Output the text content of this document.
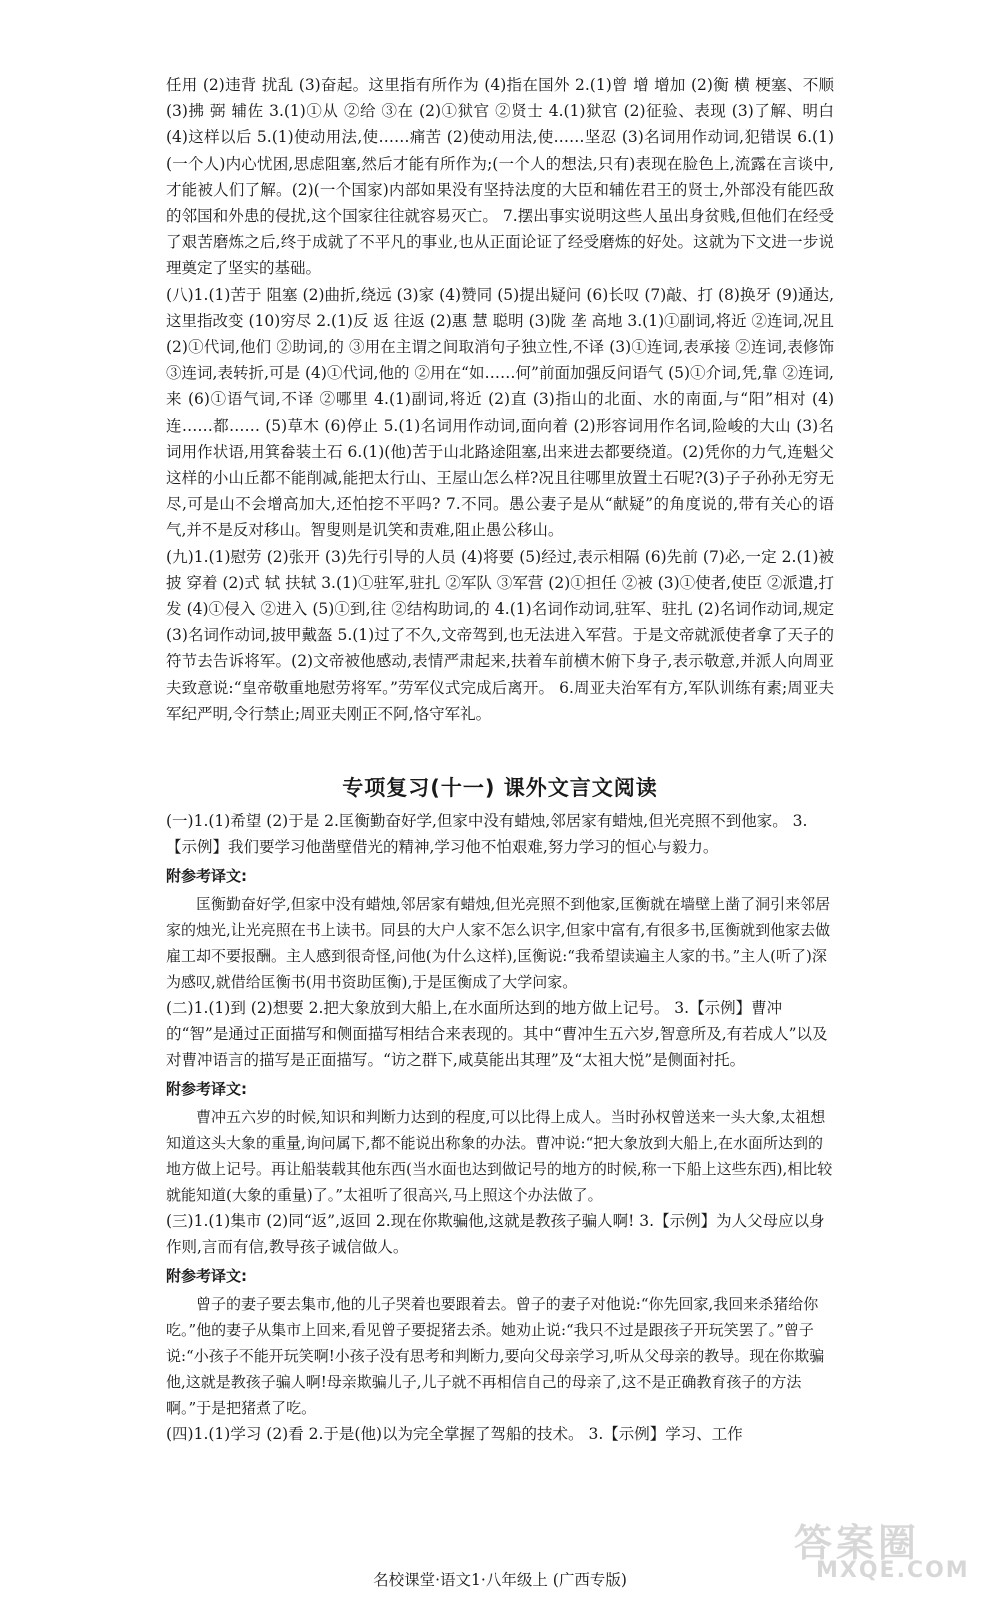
任用 (2)违背 扰乱 (3)奋起。这里指有所作为 (4)指在国外 2.(1)曾 增 增加 (2)衡 横 梗塞、不顺 (3)拂 弼 辅佐 3.(1)①从 ②给 ③在 (2)①狱官 ②贤士 4.(1)狱官 (2)征验、表现 (3)了解、明白 (4)这样以后 5.(1)使动用法,使……痛苦 (2)使动用法,使……坚忍 (3)名词用作动词,犯错误 6.(1)(一个人)内心忧困,思虑阻塞,然后才能有所作为;(一个人的想法,只有)表现在脸色上,流露在言谈中,才能被人们了解。(2)(一个国家)内部如果没有坚持法度的大臣和辅佐君王的贤士,外部没有能匹敌的邻国和外患的侵扰,这个国家往往就容易灭亡。 7.摆出事实说明这些人虽出身贫贱,但他们在经受了艰苦磨炼之后,终于成就了不平凡的事业,也从正面论证了经受磨炼的好处。这就为下文进一步说理奠定了坚实的基础。

(八)1.(1)苦于 阻塞 (2)曲折,绕远 (3)家 (4)赞同 (5)提出疑问 (6)长叹 (7)敲、打 (8)换牙 (9)通达,这里指改变 (10)穷尽 2.(1)反 返 往返 (2)惠 慧 聪明 (3)陇 垄 高地 3.(1)①副词,将近 ②连词,况且 (2)①代词,他们 ②助词,的 ③用在主谓之间取消句子独立性,不译 (3)①连词,表承接 ②连词,表修饰 ③连词,表转折,可是 (4)①代词,他的 ②用在“如……何”前面加强反问语气 (5)①介词,凭,靠 ②连词,来 (6)①语气词,不译 ②哪里 4.(1)副词,将近 (2)直 (3)指山的北面、水的南面,与“阳”相对 (4)连……都…… (5)草木 (6)停止 5.(1)名词用作动词,面向着 (2)形容词用作名词,险峻的大山 (3)名词用作状语,用箕畚装土石 6.(1)(他)苦于山北路途阻塞,出来进去都要绕道。(2)凭你的力气,连魁父这样的小山丘都不能削减,能把太行山、王屋山怎么样?况且往哪里放置土石呢?(3)子子孙孙无穷无尽,可是山不会增高加大,还怕挖不平吗? 7.不同。愚公妻子是从“献疑”的角度说的,带有关心的语气,并不是反对移山。智叟则是讥笑和责难,阻止愚公移山。

(九)1.(1)慰劳 (2)张开 (3)先行引导的人员 (4)将要 (5)经过,表示相隔 (6)先前 (7)必,一定 2.(1)被 披 穿着 (2)式 轼 扶轼 3.(1)①驻军,驻扎 ②军队 ③军营 (2)①担任 ②被 (3)①使者,使臣 ②派遣,打发 (4)①侵入 ②进入 (5)①到,往 ②结构助词,的 4.(1)名词作动词,驻军、驻扎 (2)名词作动词,规定 (3)名词作动词,披甲戴盔 5.(1)过了不久,文帝驾到,也无法进入军营。于是文帝就派使者拿了天子的符节去告诉将军。(2)文帝被他感动,表情严肃起来,扶着车前横木俯下身子,表示敬意,并派人向周亚夫致意说:“皇帝敬重地慰劳将军。”劳军仪式完成后离开。 6.周亚夫治军有方,军队训练有素;周亚夫军纪严明,令行禁止;周亚夫刚正不阿,恪守军礼。

专项复习(十一) 课外文言文阅读

(一)1.(1)希望 (2)于是 2.匡衡勤奋好学,但家中没有蜡烛,邻居家有蜡烛,但光亮照不到他家。 3.【示例】我们要学习他凿壁借光的精神,学习他不怕艰难,努力学习的恒心与毅力。

附参考译文:

匡衡勤奋好学,但家中没有蜡烛,邻居家有蜡烛,但光亮照不到他家,匡衡就在墙壁上凿了洞引来邻居家的烛光,让光亮照在书上读书。同县的大户人家不怎么识字,但家中富有,有很多书,匡衡就到他家去做雇工却不要报酬。主人感到很奇怪,问他(为什么这样),匡衡说:“我希望读遍主人家的书。”主人(听了)深为感叹,就借给匡衡书(用书资助匡衡),于是匡衡成了大学问家。

(二)1.(1)到 (2)想要 2.把大象放到大船上,在水面所达到的地方做上记号。 3.【示例】曹冲的“智”是通过正面描写和侧面描写相结合来表现的。其中“曹冲生五六岁,智意所及,有若成人”以及对曹冲语言的描写是正面描写。“访之群下,咸莫能出其理”及“太祖大悦”是侧面衬托。

附参考译文:

曹冲五六岁的时候,知识和判断力达到的程度,可以比得上成人。当时孙权曾送来一头大象,太祖想知道这头大象的重量,询问属下,都不能说出称象的办法。曹冲说:“把大象放到大船上,在水面所达到的地方做上记号。再让船装载其他东西(当水面也达到做记号的地方的时候,称一下船上这些东西),相比较就能知道(大象的重量)了。”太祖听了很高兴,马上照这个办法做了。

(三)1.(1)集市 (2)同“返”,返回 2.现在你欺骗他,这就是教孩子骗人啊! 3.【示例】为人父母应以身作则,言而有信,教导孩子诚信做人。

附参考译文:

曾子的妻子要去集市,他的儿子哭着也要跟着去。曾子的妻子对他说:“你先回家,我回来杀猪给你吃。”他的妻子从集市上回来,看见曾子要捉猪去杀。她劝止说:“我只不过是跟孩子开玩笑罢了。”曾子说:“小孩子不能开玩笑啊!小孩子没有思考和判断力,要向父母亲学习,听从父母亲的教导。现在你欺骗他,这就是教孩子骗人啊!母亲欺骗儿子,儿子就不再相信自己的母亲了,这不是正确教育孩子的方法啊。”于是把猪煮了吃。

(四)1.(1)学习 (2)看 2.于是(他)以为完全掌握了驾船的技术。 3.【示例】学习、工作

名校课堂·语文1·八年级上 (广西专版)
答案圈
MXQE.COM
